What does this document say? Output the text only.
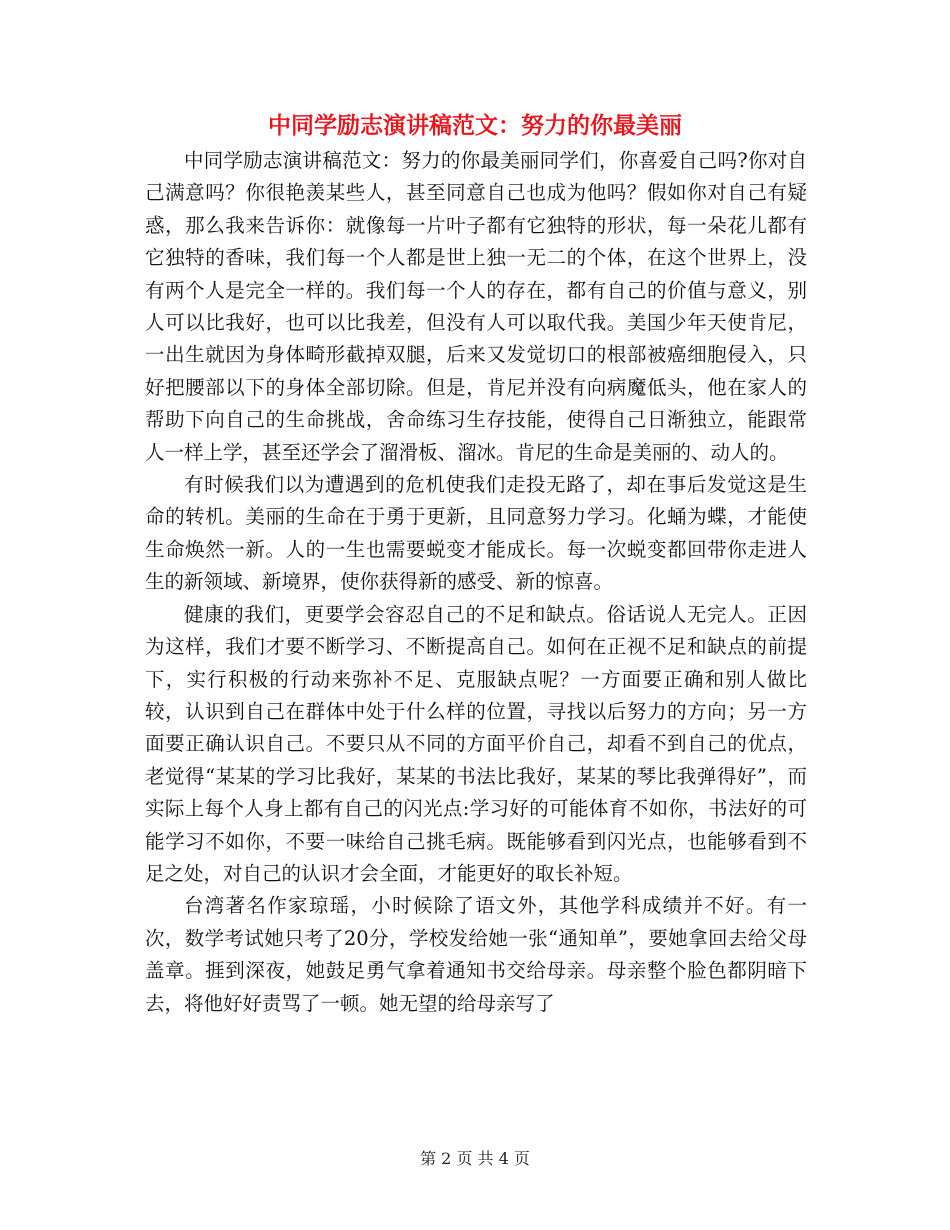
中同学励志演讲稿范文：努力的你最美丽

中同学励志演讲稿范文：努力的你最美丽同学们，你喜爱自己吗?你对自己满意吗？你很艳羡某些人，甚至同意自己也成为他吗？假如你对自己有疑惑，那么我来告诉你：就像每一片叶子都有它独特的形状，每一朵花儿都有它独特的香味，我们每一个人都是世上独一无二的个体，在这个世界上，没有两个人是完全一样的。我们每一个人的存在，都有自己的价值与意义，别人可以比我好，也可以比我差，但没有人可以取代我。美国少年天使肯尼，一出生就因为身体畸形截掉双腿，后来又发觉切口的根部被癌细胞侵入，只好把腰部以下的身体全部切除。但是，肯尼并没有向病魔低头，他在家人的帮助下向自己的生命挑战，舍命练习生存技能，使得自己日渐独立，能跟常人一样上学，甚至还学会了溜滑板、溜冰。肯尼的生命是美丽的、动人的。

有时候我们以为遭遇到的危机使我们走投无路了，却在事后发觉这是生命的转机。美丽的生命在于勇于更新，且同意努力学习。化蛹为蝶，才能使生命焕然一新。人的一生也需要蜕变才能成长。每一次蜕变都回带你走进人生的新领域、新境界，使你获得新的感受、新的惊喜。

健康的我们，更要学会容忍自己的不足和缺点。俗话说人无完人。正因为这样，我们才要不断学习、不断提高自己。如何在正视不足和缺点的前提下，实行积极的行动来弥补不足、克服缺点呢？一方面要正确和别人做比较，认识到自己在群体中处于什么样的位置，寻找以后努力的方向；另一方面要正确认识自己。不要只从不同的方面平价自己，却看不到自己的优点，老觉得“某某的学习比我好，某某的书法比我好，某某的琴比我弹得好”，而实际上每个人身上都有自己的闪光点:学习好的可能体育不如你，书法好的可能学习不如你，不要一味给自己挑毛病。既能够看到闪光点，也能够看到不足之处，对自己的认识才会全面，才能更好的取长补短。

台湾著名作家琼瑶，小时候除了语文外，其他学科成绩并不好。有一次，数学考试她只考了20分，学校发给她一张“通知单”，要她拿回去给父母盖章。捱到深夜，她鼓足勇气拿着通知书交给母亲。母亲整个脸色都阴暗下去，将他好好责骂了一顿。她无望的给母亲写了

第 2 页 共 4 页
